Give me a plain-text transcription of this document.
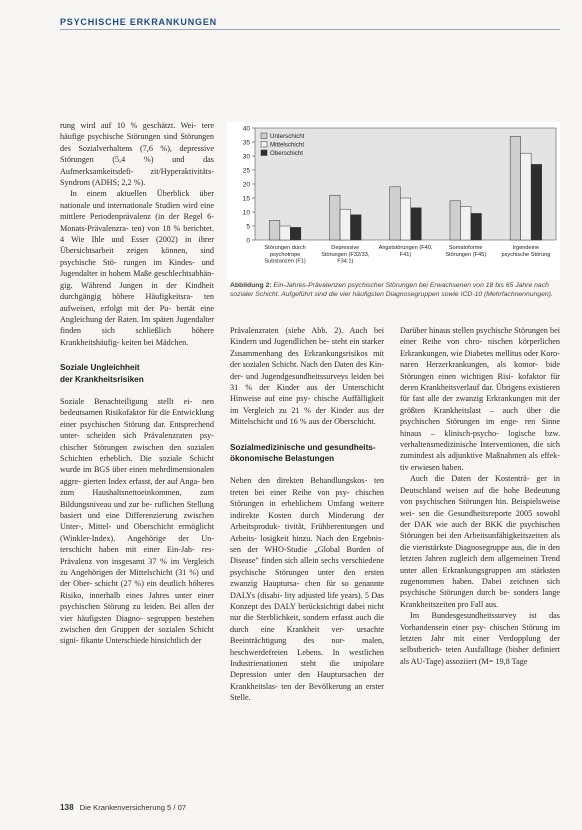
PSYCHISCHE ERKRANKUNGEN
0
5
10
15
20
25
30
35
40
Störungen durch
psychotrope
Substanzen (F1)
Depressive
Störungen (F32/33,
F34.1)
Angststörungen (F40,
F41)
Somatoforme
Störungen (F45)
Irgendeine
psychische Störung
Unterschicht
Mittelschicht
Oberschicht
Abbildung 2: Ein-Jahres-Prävalenzen psychischer Störungen bei Erwachsenen von 18 bis 65 Jahre nach sozialer Schicht. Aufgeführt sind die vier häufigsten Diagnosegruppen sowie ICD-10 (Mehrfachnennungen).

rung wird auf 10 % geschätzt. Wei- tere häufige psychische Störungen sind Störungen des Sozialverhaltens (7,6 %), depressive Störungen (5,4 %) und das Aufmerksamkeitsdefi- zit/Hyperaktivitäts-Syndrom (ADHS; 2,2 %).

In einem aktuellen Überblick über nationale und internationale Studien wird eine mittlere Periodenprävalenz (in der Regel 6-Monats-Prävalenzra- ten) von 18 % berichtet. 4 Wie Ihle und Esser (2002) in ihrer Übersichtsarbeit zeigen können, sind psychische Stö- rungen im Kindes- und Jugendalter in hohem Maße geschlechtsabhän- gig. Während Jungen in der Kindheit durchgängig höhere Häufigkeitsra- ten aufweisen, erfolgt mit der Pu- bertät eine Angleichung der Raten. Im späten Jugendalter finden sich schließlich höhere Krankheitshäufig- keiten bei Mädchen.

Soziale Ungleichheit
der Krankheitsrisiken

Soziale Benachteiligung stellt ei- nen bedeutsamen Risikofaktor für die Entwicklung einer psychischen Störung dar. Entsprechend unter- scheiden sich Prävalenzraten psy- chischer Störungen zwischen den sozialen Schichten erheblich. Die soziale Schicht wurde im BGS über einen mehrdimensionalen aggre- gierten Index erfasst, der auf Anga- ben zum Haushaltsnettoeinkommen, zum Bildungsniveau und zur be- ruflichen Stellung basiert und eine Differenzierung zwischen Unter-, Mittel- und Oberschicht ermöglicht (Winkler-Index). Angehörige der Un- terschicht haben mit einer Ein-Jah- res-Prävalenz von insgesamt 37 % im Vergleich zu Angehörigen der Mittelschicht (31 %) und der Ober- schicht (27 %) ein deutlich höheres Risiko, innerhalb eines Jahres unter einer psychischen Störung zu leiden. Bei allen der vier häufigsten Diagno- segruppen bestehen zwischen den Gruppen der sozialen Schicht signi- fikante Unterschiede hinsichtlich der

Prävalenzraten (siehe Abb. 2). Auch bei Kindern und Jugendlichen be- steht ein starker Zusammenhang des Erkrankungsrisikos mit der sozialen Schicht. Nach den Daten des Kin- der- und Jugendgesundheitssurveys leiden bei 31 % der Kinder aus der Unterschicht Hinweise auf eine psy- chische Auffälligkeit im Vergleich zu 21 % der Kinder aus der Mittelschicht und 16 % aus der Oberschicht.

Sozialmedizinische und gesundheits-
ökonomische Belastungen

Neben den direkten Behandlungskos- ten treten bei einer Reihe von psy- chischen Störungen in erheblichem Umfang weitere indirekte Kosten durch Minderung der Arbeitsproduk- tivität, Frühberentungen und Arbeits- losigkeit hinzu. Nach den Ergebnis- sen der WHO-Studie „Global Burden of Disease" finden sich allein sechs verschiedene psychische Störungen unter den ersten zwanzig Hauptursa- chen für so genannte DALYs (disabi- lity adjusted life years). 5 Das Konzept des DALY berücksichtigt dabei nicht nur die Sterblichkeit, sondern erfasst auch die durch eine Krankheit ver- ursachte Beeinträchtigung des nor- malen, beschwerdefreien Lebens. In westlichen Industrienationen steht die unipolare Depression unter den Hauptursachen der Krankheitslas- ten der Bevölkerung an erster Stelle.

Darüber hinaus stellen psychische Störungen bei einer Reihe von chro- nischen körperlichen Erkrankungen, wie Diabetes mellitus oder Koro- naren Herzerkrankungen, als komor- bide Störungen einen wichtigen Risi- kofaktor für deren Krankheitsverlauf dar. Übrigens existieren für fast alle der zwanzig Erkrankungen mit der größten Krankheitslast – auch über die psychischen Störungen im enge- ren Sinne hinaus – klinisch-psycho- logische bzw. verhaltensmedizinische Interventionen, die sich zumindest als adjunktive Maßnahmen als effek- tiv erwiesen haben.

Auch die Daten der Kostenträ- ger in Deutschland weisen auf die hohe Bedeutung von psychischen Störungen hin. Beispielsweise wei- sen die Gesundheitsreporte 2005 sowohl der DAK wie auch der BKK die psychischen Störungen bei den Arbeitsunfähigkeitszeiten als die viertstärkste Diagnosegruppe aus, die in den letzten Jahren zugleich dem allgemeinen Trend unter allen Erkrankungsgruppen am stärksten zugenommen haben. Dabei zeichnen sich psychische Störungen durch be- sonders lange Krankheitszeiten pro Fall aus.

Im Bundesgesundheitssurvey ist das Vorhandensein einer psy- chischen Störung im letzten Jahr mit einer Verdopplung der selbstberich- teten Ausfalltage (bisher definiert als AU-Tage) assoziiert (M= 19,8 Tage

138 Die Krankenversicherung 5 / 07
